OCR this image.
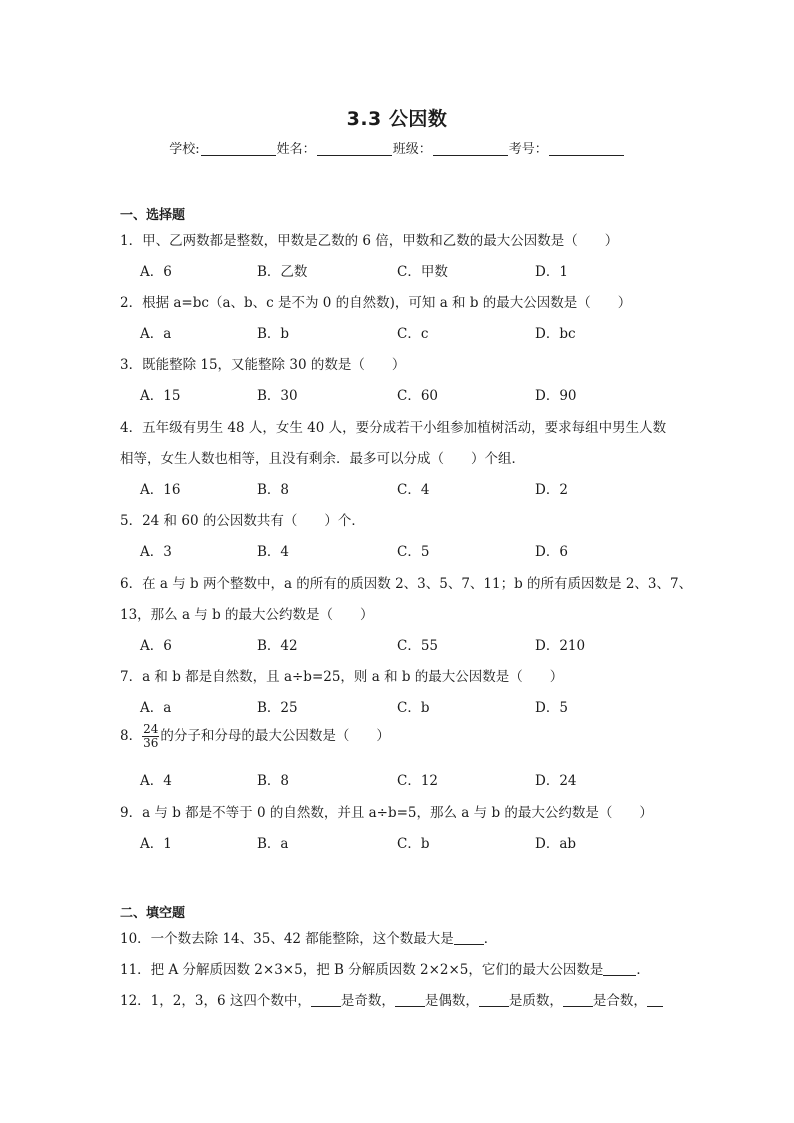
3.3 公因数
学校:	姓名：	班级：	考号：
一、选择题
1．甲、乙两数都是整数，甲数是乙数的 6 倍，甲数和乙数的最大公因数是（　　）
A．6	B．乙数	C．甲数	D．1
2．根据 a=bc（a、b、c 是不为 0 的自然数)，可知 a 和 b 的最大公因数是（　　）
A．a	B．b	C．c	D．bc
3．既能整除 15，又能整除 30 的数是（　　）
A．15	B．30	C．60	D．90
4．五年级有男生 48 人，女生 40 人，要分成若干小组参加植树活动，要求每组中男生人数
相等，女生人数也相等，且没有剩余．最多可以分成（　　）个组．
A．16	B．8	C．4	D．2
5．24 和 60 的公因数共有（　　）个．
A．3	B．4	C．5	D．6
6．在 a 与 b 两个整数中，a 的所有的质因数 2、3、5、7、11；b 的所有质因数是 2、3、7、
13，那么 a 与 b 的最大公约数是（　　）
A．6	B．42	C．55	D．210
7．a 和 b 都是自然数，且 a÷b=25，则 a 和 b 的最大公因数是（　　）
A．a	B．25	C．b	D．5
8． $\frac{24}{36}$ 的分子和分母的最大公因数是（　　）
A．4	B．8	C．12	D．24
9．a 与 b 都是不等于 0 的自然数，并且 a÷b=5，那么 a 与 b 的最大公约数是（　　）
A．1	B．a	C．b	D．ab
二、填空题
10．一个数去除 14、35、42 都能整除，这个数最大是 ．
11．把 A 分解质因数 2×3×5，把 B 分解质因数 2×2×5，它们的最大公因数是 ．
12．1，2，3，6 这四个数中， 是奇数， 是偶数， 是质数， 是合数，
